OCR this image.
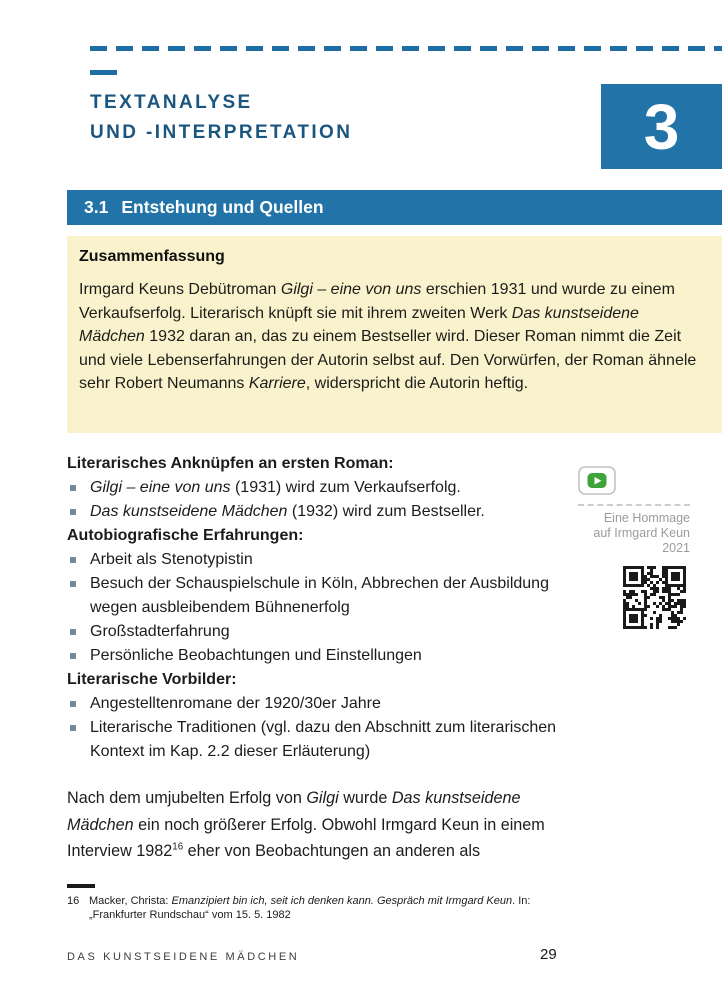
TEXTANALYSE
UND -INTERPRETATION	3
3.1 Entstehung und Quellen
Zusammenfassung

Irmgard Keuns Debütroman Gilgi – eine von uns erschien 1931 und wurde zu einem Verkaufserfolg. Literarisch knüpft sie mit ihrem zweiten Werk Das kunstseidene Mädchen 1932 daran an, das zu einem Bestseller wird. Dieser Roman nimmt die Zeit und viele Lebenserfahrungen der Autorin selbst auf. Den Vorwürfen, der Roman ähnele sehr Robert Neumanns Karriere, widerspricht die Autorin heftig.

Literarisches Anknüpfen an ersten Roman:
Gilgi – eine von uns (1931) wird zum Verkaufserfolg.
Das kunstseidene Mädchen (1932) wird zum Bestseller.
Autobiografische Erfahrungen:
Arbeit als Stenotypistin
Besuch der Schauspielschule in Köln, Abbrechen der Ausbildung wegen ausbleibendem Bühnenerfolg
Großstadterfahrung
Persönliche Beobachtungen und Einstellungen
Literarische Vorbilder:
Angestelltenromane der 1920/30er Jahre
Literarische Traditionen (vgl. dazu den Abschnitt zum literarischen Kontext im Kap. 2.2 dieser Erläuterung)

Nach dem umjubelten Erfolg von Gilgi wurde Das kunstseidene Mädchen ein noch größerer Erfolg. Obwohl Irmgard Keun in einem Interview 1982$^{16}$ eher von Beobachtungen an anderen als

Eine Hommage
auf Irmgard Keun
2021
16 Macker, Christa: Emanzipiert bin ich, seit ich denken kann. Gespräch mit Irmgard Keun. In:
„Frankfurter Rundschau“ vom 15. 5. 1982
DAS KUNSTSEIDENE MÄDCHEN	29
